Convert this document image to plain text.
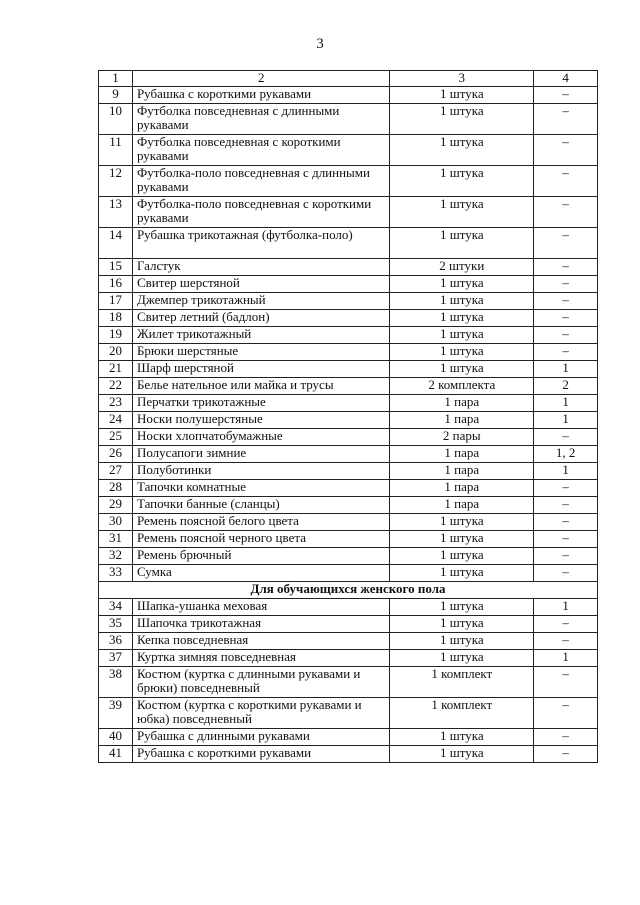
3
1	2	3	4
9	Рубашка с короткими рукавами	1 штука	–
10	Футболка повседневная с длинными рукавами	1 штука	–
11	Футболка повседневная с короткими рукавами	1 штука	–
12	Футболка-поло повседневная с длинными рукавами	1 штука	–
13	Футболка-поло повседневная с короткими рукавами	1 штука	–
14	Рубашка трикотажная (футболка-поло)	1 штука	–
15	Галстук	2 штуки	–
16	Свитер шерстяной	1 штука	–
17	Джемпер трикотажный	1 штука	–
18	Свитер летний (бадлон)	1 штука	–
19	Жилет трикотажный	1 штука	–
20	Брюки шерстяные	1 штука	–
21	Шарф шерстяной	1 штука	1
22	Белье нательное или майка и трусы	2 комплекта	2
23	Перчатки трикотажные	1 пара	1
24	Носки полушерстяные	1 пара	1
25	Носки хлопчатобумажные	2 пары	–
26	Полусапоги зимние	1 пара	1, 2
27	Полуботинки	1 пара	1
28	Тапочки комнатные	1 пара	–
29	Тапочки банные (сланцы)	1 пара	–
30	Ремень поясной белого цвета	1 штука	–
31	Ремень поясной черного цвета	1 штука	–
32	Ремень брючный	1 штука	–
33	Сумка	1 штука	–
Для обучающихся женского пола			
34	Шапка-ушанка меховая	1 штука	1
35	Шапочка трикотажная	1 штука	–
36	Кепка повседневная	1 штука	–
37	Куртка зимняя повседневная	1 штука	1
38	Костюм (куртка с длинными рукавами и брюки) повседневный	1 комплект	–
39	Костюм (куртка с короткими рукавами и юбка) повседневный	1 комплект	–
40	Рубашка с длинными рукавами	1 штука	–
41	Рубашка с короткими рукавами	1 штука	–
